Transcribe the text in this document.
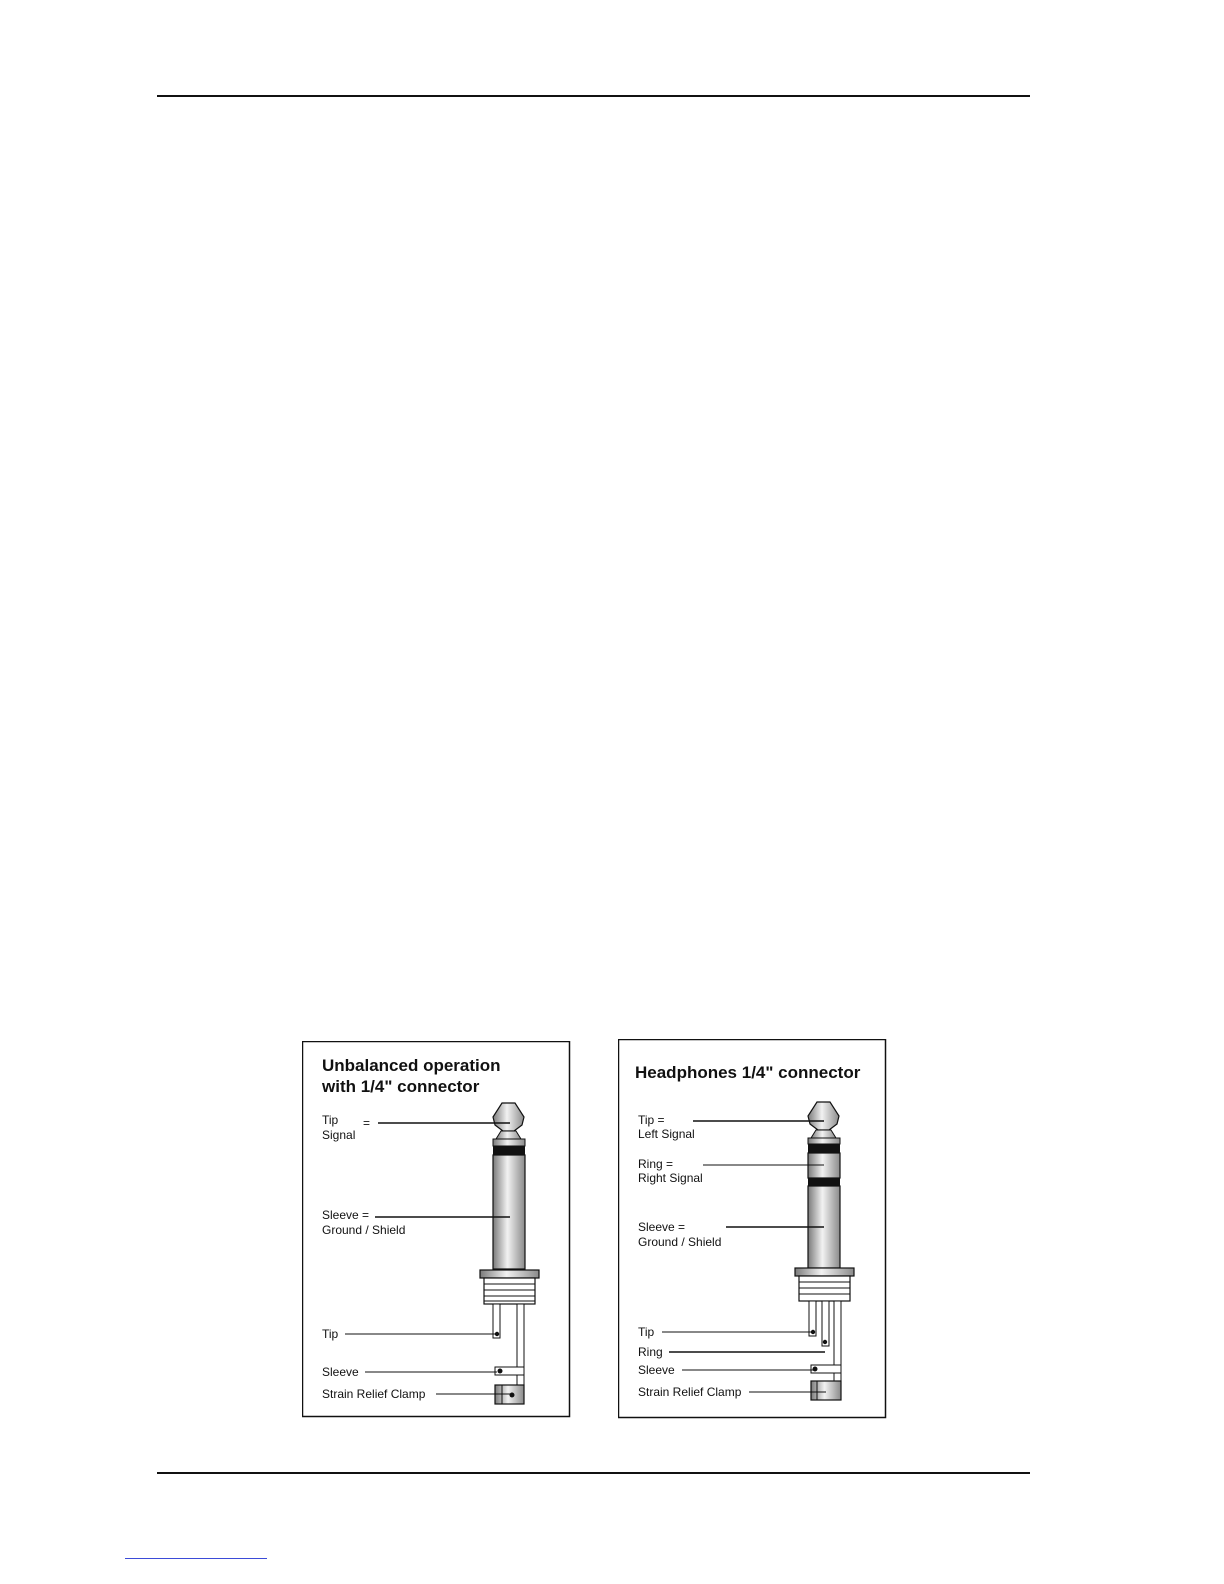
Unbalanced operation
with 1/4" connector
Tip =
Signal
Sleeve =
Ground / Shield
Tip
Sleeve
Strain Relief Clamp
Headphones 1/4" connector
Tip =
Left Signal
Ring =
Right Signal
Sleeve =
Ground / Shield
Tip
Ring
Sleeve
Strain Relief Clamp
